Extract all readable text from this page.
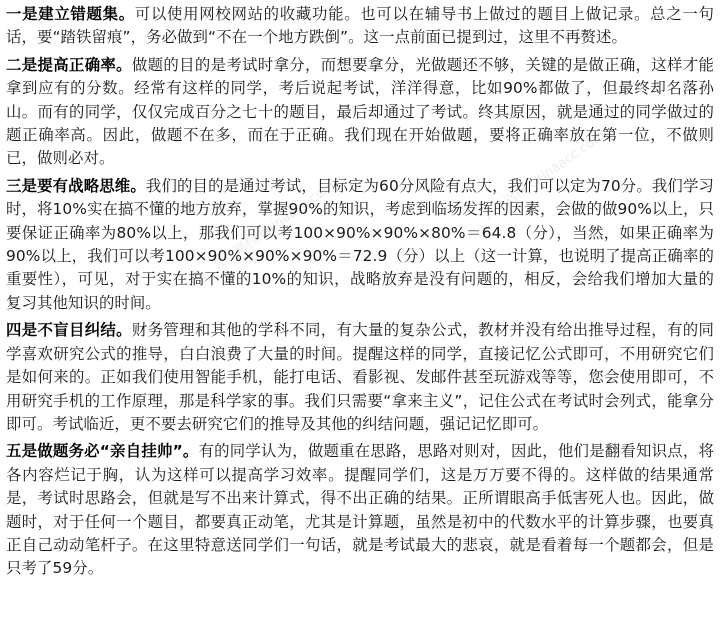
一是建立错题集。可以使用网校网站的收藏功能。也可以在辅导书上做过的题目上做记录。总之一句话，要“踏铁留痕”，务必做到“不在一个地方跌倒”。这一点前面已提到过，这里不再赘述。

二是提高正确率。做题的目的是考试时拿分，而想要拿分，光做题还不够，关键的是做正确，这样才能拿到应有的分数。经常有这样的同学，考后说起考试，洋洋得意，比如90%都做了，但最终却名落孙山。而有的同学，仅仅完成百分之七十的题目，最后却通过了考试。终其原因，就是通过的同学做过的题正确率高。因此，做题不在多，而在于正确。我们现在开始做题，要将正确率放在第一位，不做则已，做则必对。

三是要有战略思维。我们的目的是通过考试，目标定为60分风险有点大，我们可以定为70分。我们学习时，将10%实在搞不懂的地方放弃，掌握90%的知识，考虑到临场发挥的因素，会做的做90%以上，只要保证正确率为80%以上，那我们可以考100×90%×90%×80%＝64.8（分），当然，如果正确率为90%以上，我们可以考100×90%×90%×90%＝72.9（分）以上（这一计算，也说明了提高正确率的重要性），可见，对于实在搞不懂的10%的知识，战略放弃是没有问题的，相反，会给我们增加大量的复习其他知识的时间。

四是不盲目纠结。财务管理和其他的学科不同，有大量的复杂公式，教材并没有给出推导过程，有的同学喜欢研究公式的推导，白白浪费了大量的时间。提醒这样的同学，直接记忆公式即可，不用研究它们是如何来的。正如我们使用智能手机，能打电话、看影视、发邮件甚至玩游戏等等，您会使用即可，不用研究手机的工作原理，那是科学家的事。我们只需要“拿来主义”，记住公式在考试时会列式，能拿分即可。考试临近，更不要去研究它们的推导及其他的纠结问题，强记记忆即可。

五是做题务必“亲自挂帅”。有的同学认为，做题重在思路，思路对则对，因此，他们是翻看知识点，将各内容烂记于胸，认为这样可以提高学习效率。提醒同学们，这是万万要不得的。这样做的结果通常是，考试时思路会，但就是写不出来计算式，得不出正确的结果。正所谓眼高手低害死人也。因此，做题时，对于任何一个题目，都要真正动笔，尤其是计算题，虽然是初中的代数水平的计算步骤，也要真正自己动动笔杆子。在这里特意送同学们一句话，就是考试最大的悲哀，就是看着每一个题都会，但是只考了59分。

会计网校 chinaacc.com
会计网校 chinaacc.com
